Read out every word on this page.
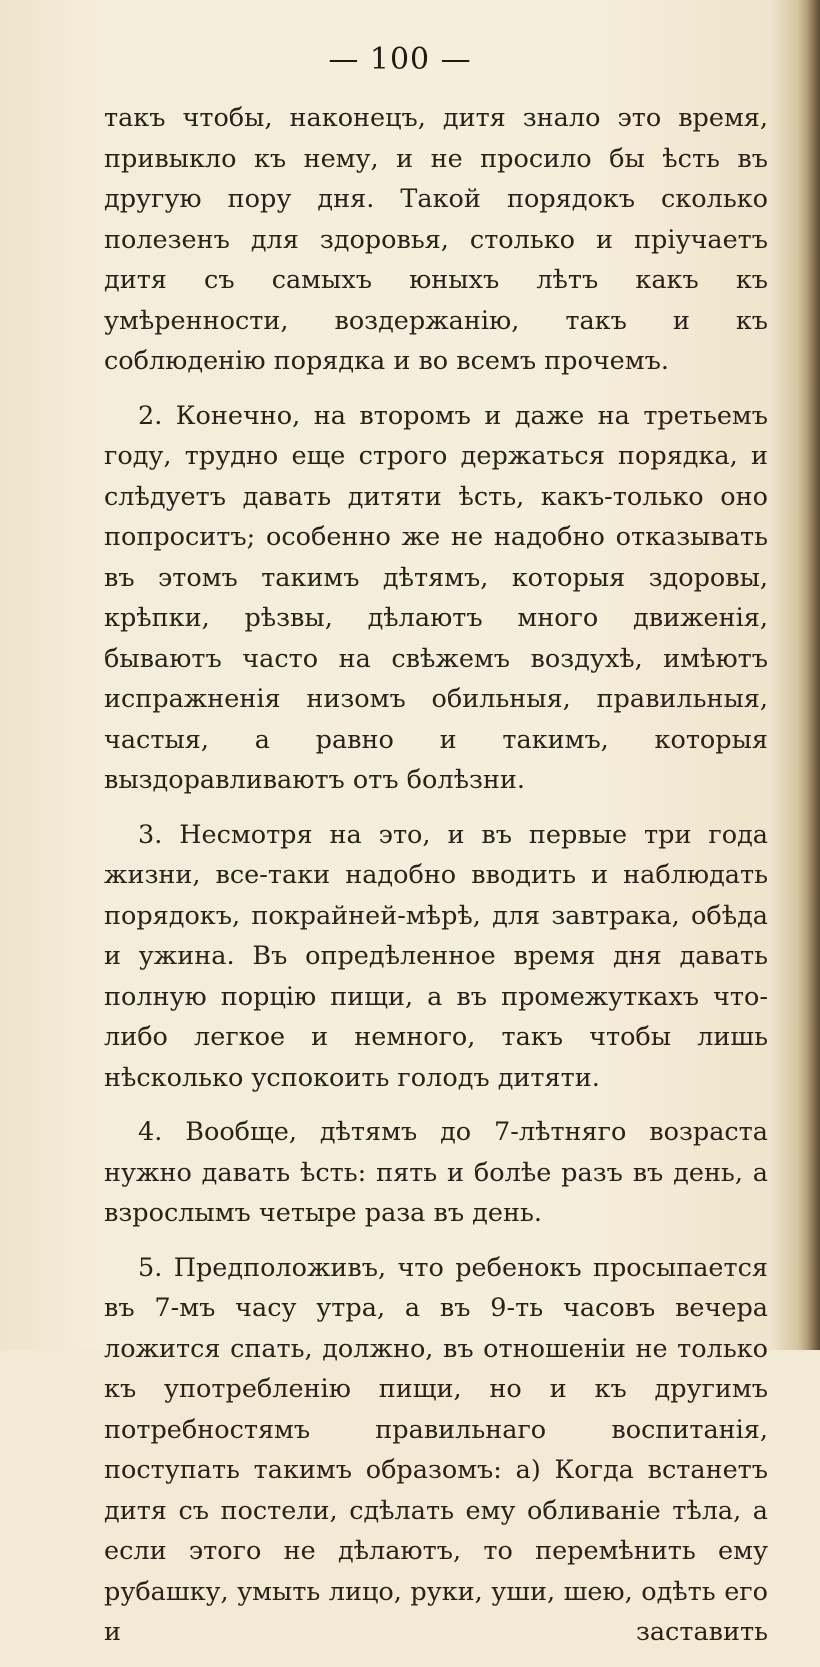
— 100 —

такъ чтобы, наконецъ, дитя знало это время, привыкло къ нему, и не просило бы ѣсть въ другую пору дня. Такой порядокъ сколько полезенъ для здоровья, столько и пріучаетъ дитя съ самыхъ юныхъ лѣтъ какъ къ умѣренности, воздержанію, такъ и къ соблюденію порядка и во всемъ прочемъ.

2. Конечно, на второмъ и даже на третьемъ году, трудно еще строго держаться порядка, и слѣдуетъ давать дитяти ѣсть, какъ-только оно попроситъ; особенно же не надобно отказывать въ этомъ такимъ дѣтямъ, которыя здоровы, крѣпки, рѣзвы, дѣлаютъ много движенія, бываютъ часто на свѣжемъ воздухѣ, имѣютъ испражненія низомъ обильныя, правильныя, частыя, а равно и такимъ, которыя выздоравливаютъ отъ болѣзни.

3. Несмотря на это, и въ первые три года жизни, все-таки надобно вводить и наблюдать порядокъ, покрайней-мѣрѣ, для завтрака, обѣда и ужина. Въ опредѣленное время дня давать полную порцію пищи, а въ промежуткахъ что-либо легкое и немного, такъ чтобы лишь нѣсколько успокоить голодъ дитяти.

4. Вообще, дѣтямъ до 7-лѣтняго возраста нужно давать ѣсть: пять и болѣе разъ въ день, а взрослымъ четыре раза въ день.

5. Предположивъ, что ребенокъ просыпается въ 7-мъ часу утра, а въ 9-ть часовъ вечера ложится спать, должно, въ отношеніи не только къ употребленію пищи, но и къ другимъ потребностямъ правильнаго воспитанія, поступать такимъ образомъ: а) Когда встанетъ дитя съ постели, сдѣлать ему обливаніе тѣла, а если этого не дѣлаютъ, то перемѣнить ему рубашку, умыть лицо, руки, уши, шею, одѣть его и заставить
